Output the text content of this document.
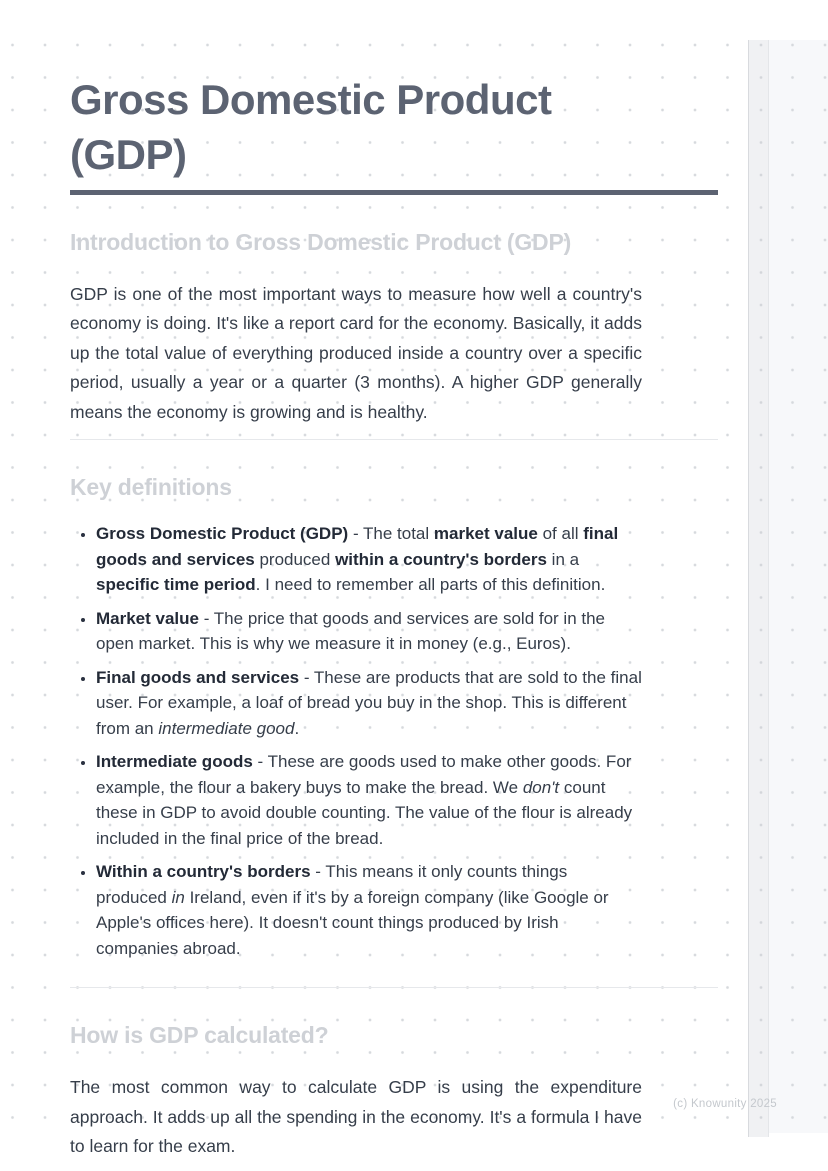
Gross Domestic Product (GDP)
Introduction to Gross Domestic Product (GDP)

GDP is one of the most important ways to measure how well a country's economy is doing. It's like a report card for the economy. Basically, it adds up the total value of everything produced inside a country over a specific period, usually a year or a quarter (3 months). A higher GDP generally means the economy is growing and is healthy.

Key definitions
• Gross Domestic Product (GDP) - The total market value of all final goods and services produced within a country's borders in a specific time period. I need to remember all parts of this definition.
• Market value - The price that goods and services are sold for in the open market. This is why we measure it in money (e.g., Euros).
• Final goods and services - These are products that are sold to the final user. For example, a loaf of bread you buy in the shop. This is different from an intermediate good.
• Intermediate goods - These are goods used to make other goods. For example, the flour a bakery buys to make the bread. We don't count these in GDP to avoid double counting. The value of the flour is already included in the final price of the bread.
• Within a country's borders - This means it only counts things produced in Ireland, even if it's by a foreign company (like Google or Apple's offices here). It doesn't count things produced by Irish companies abroad.
How is GDP calculated?

The most common way to calculate GDP is using the expenditure approach. It adds up all the spending in the economy. It's a formula I have to learn for the exam.

(c) Knowunity 2025
